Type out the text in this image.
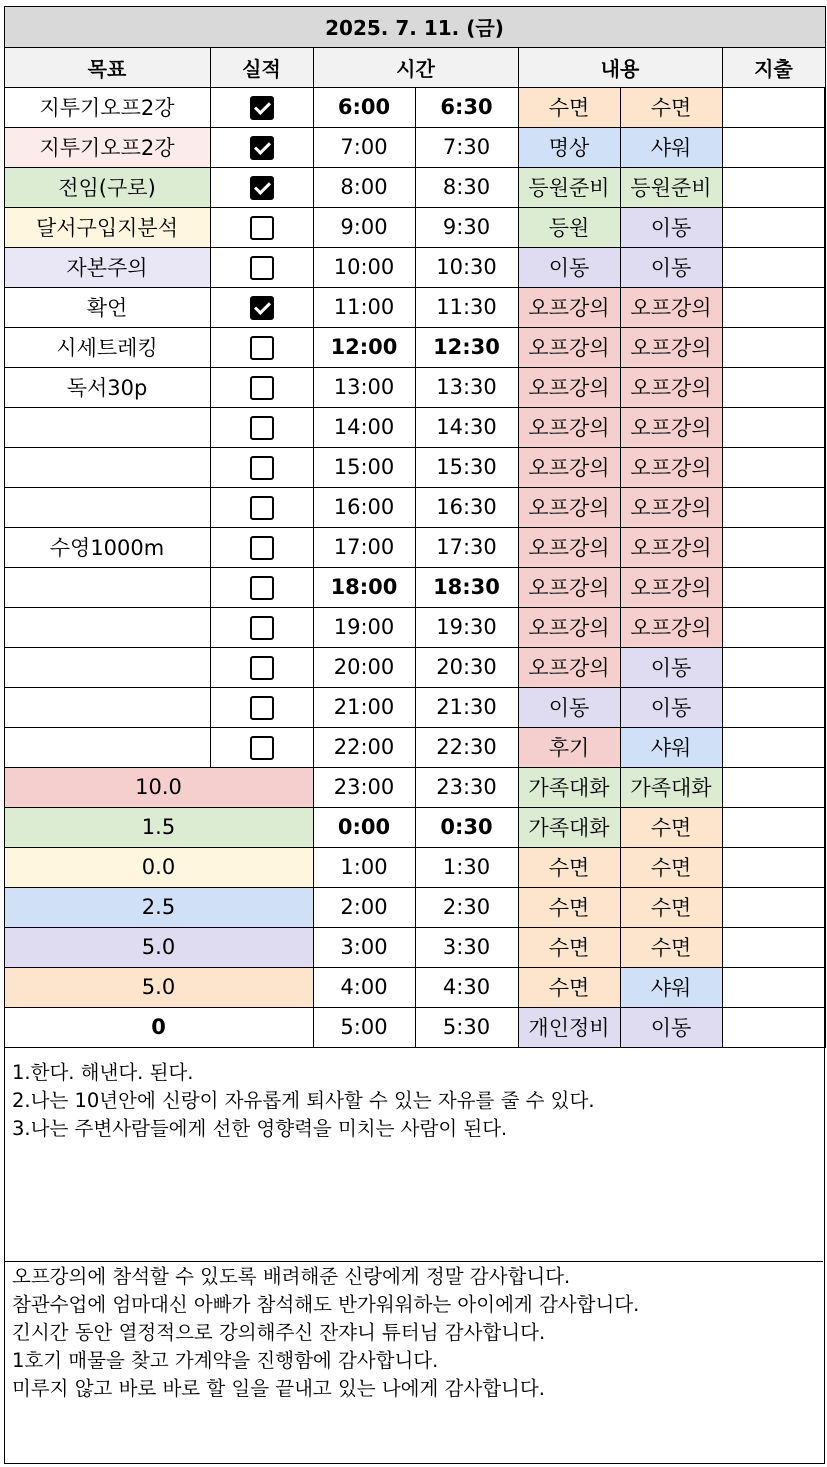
2025. 7. 11. (금)						
목표	실적	시간		내용		지출
지투기오프2강		6:00	6:30	수면	수면	
지투기오프2강		7:00	7:30	명상	샤워	
전임(구로)		8:00	8:30	등원준비	등원준비	
달서구입지분석		9:00	9:30	등원	이동	
자본주의		10:00	10:30	이동	이동	
확언		11:00	11:30	오프강의	오프강의	
시세트레킹		12:00	12:30	오프강의	오프강의	
독서30p		13:00	13:30	오프강의	오프강의	
		14:00	14:30	오프강의	오프강의	
		15:00	15:30	오프강의	오프강의	
		16:00	16:30	오프강의	오프강의	
수영1000m		17:00	17:30	오프강의	오프강의	
		18:00	18:30	오프강의	오프강의	
		19:00	19:30	오프강의	오프강의	
		20:00	20:30	오프강의	이동	
		21:00	21:30	이동	이동	
		22:00	22:30	후기	샤워	
10.0		23:00	23:30	가족대화	가족대화	
1.5		0:00	0:30	가족대화	수면	
0.0		1:00	1:30	수면	수면	
2.5		2:00	2:30	수면	수면	
5.0		3:00	3:30	수면	수면	
5.0		4:00	4:30	수면	샤워	
0		5:00	5:30	개인정비	이동	
1.한다. 해낸다. 된다.
2.나는 10년안에 신랑이 자유롭게 퇴사할 수 있는 자유를 줄 수 있다.
3.나는 주변사람들에게 선한 영향력을 미치는 사람이 된다.
오프강의에 참석할 수 있도록 배려해준 신랑에게 정말 감사합니다.
참관수업에 엄마대신 아빠가 참석해도 반가워워하는 아이에게 감사합니다.
긴시간 동안 열정적으로 강의해주신 잔쟈니 튜터님 감사합니다.
1호기 매물을 찾고 가계약을 진행함에 감사합니다.
미루지 않고 바로 바로 할 일을 끝내고 있는 나에게 감사합니다.
